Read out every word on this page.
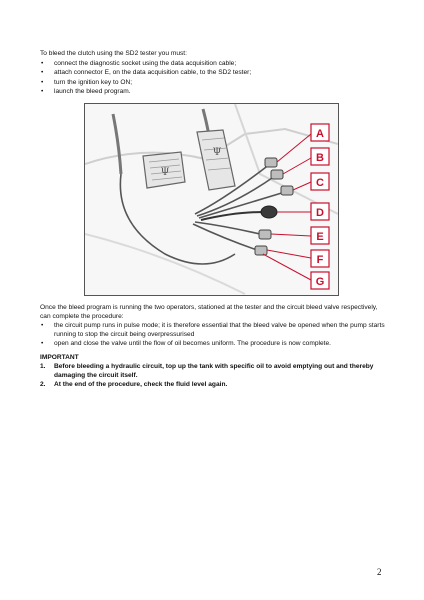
To bleed the clutch using the SD2 tester you must:

• connect the diagnostic socket using the data acquisition cable;
• attach connector E, on the data acquisition cable, to the SD2 tester;
• turn the ignition key to ON;
• launch the bleed program.
Ψ
Ψ
A
B
C
D
E
F
G

Once the bleed program is running the two operators, stationed at the tester and the circuit bleed valve respectively, can complete the procedure:

• the circuit pump runs in pulse mode; it is therefore essential that the bleed valve be opened when the pump starts running to stop the circuit being overpressurised
• open and close the valve until the flow of oil becomes uniform. The procedure is now complete.

IMPORTANT

1. Before bleeding a hydraulic circuit, top up the tank with specific oil to avoid emptying out and thereby damaging the circuit itself.
2. At the end of the procedure, check the fluid level again.
2
